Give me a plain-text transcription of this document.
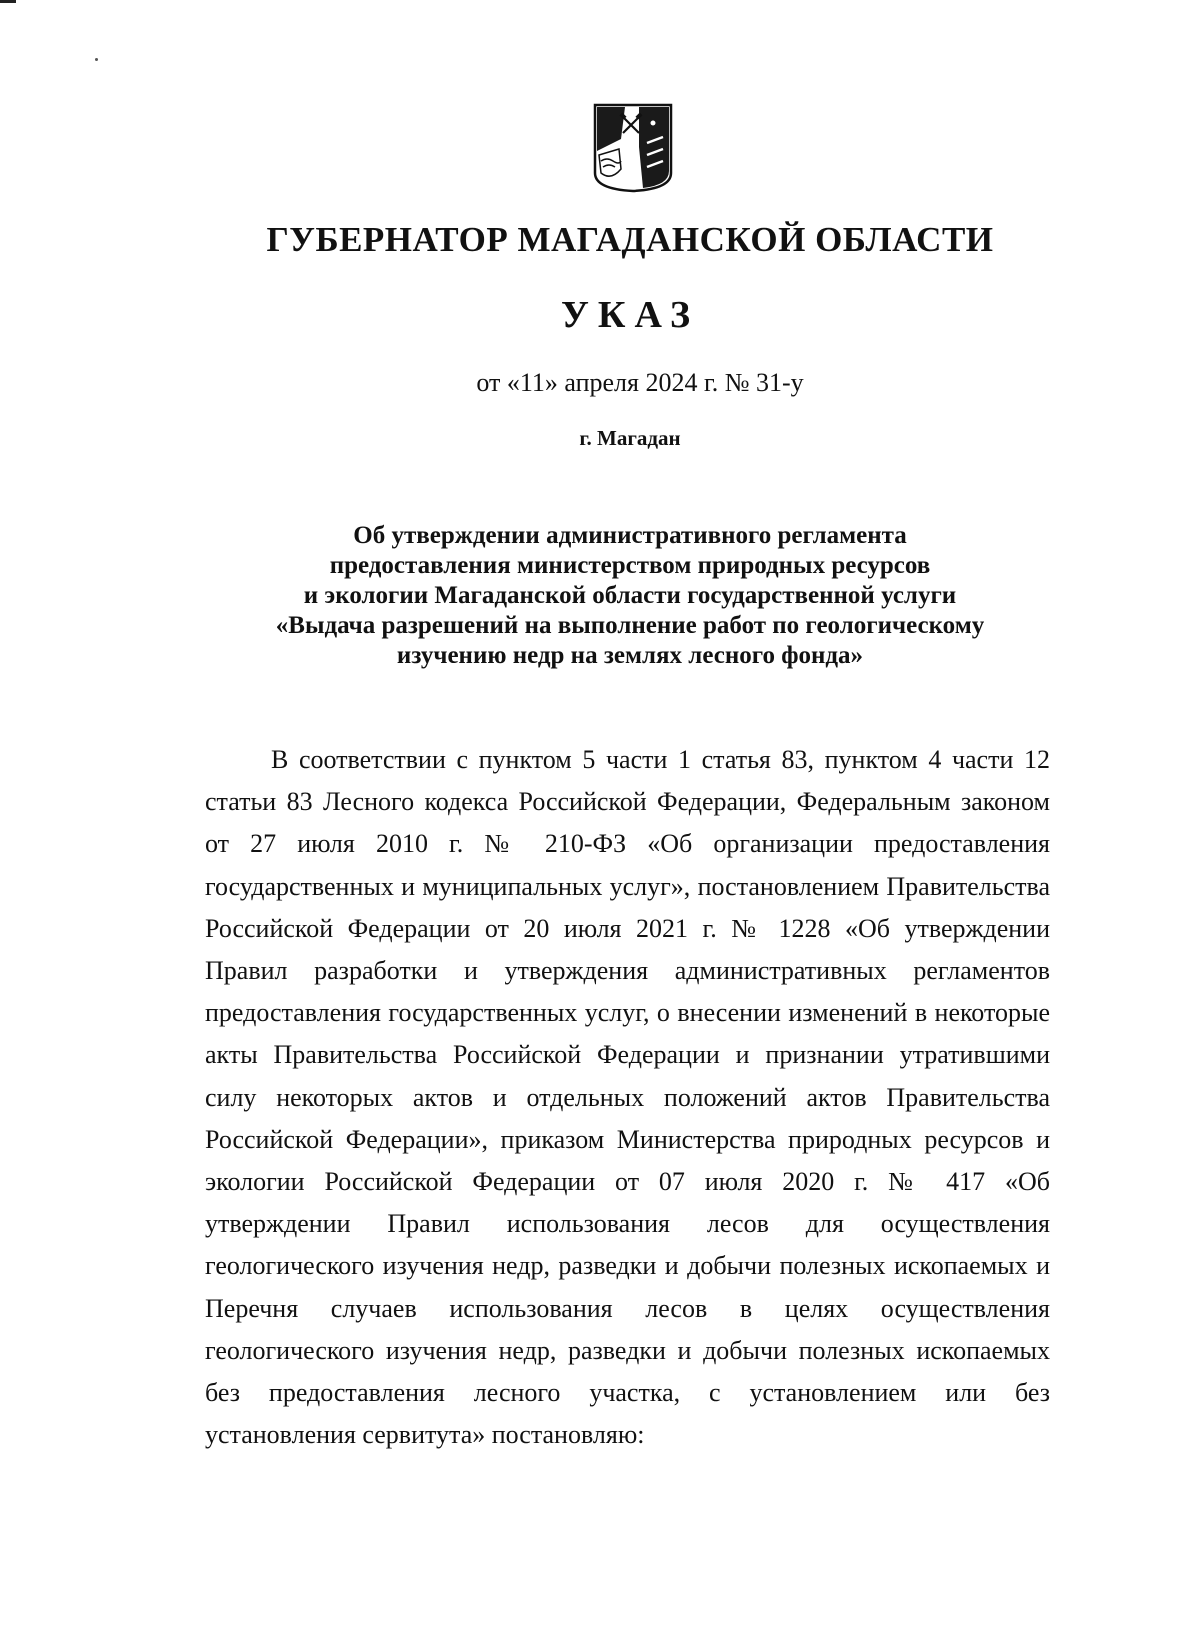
ГУБЕРНАТОР МАГАДАНСКОЙ ОБЛАСТИ
УКАЗ
от «11» апреля 2024 г. № 31-у
г. Магадан
Об утверждении административного регламента
предоставления министерством природных ресурсов
и экологии Магаданской области государственной услуги
«Выдача разрешений на выполнение работ по геологическому
изучению недр на землях лесного фонда»

В соответствии с пунктом 5 части 1 статья 83, пунктом 4 части 12 статьи 83 Лесного кодекса Российской Федерации, Федеральным законом от 27 июля 2010 г. № 210-ФЗ «Об организации предоставления государственных и муниципальных услуг», постановлением Правительства Российской Федерации от 20 июля 2021 г. № 1228 «Об утверждении Правил разработки и утверждения административных регламентов предоставления государственных услуг, о внесении изменений в некоторые акты Правительства Российской Федерации и признании утратившими силу некоторых актов и отдельных положений актов Правительства Российской Федерации», приказом Министерства природных ресурсов и экологии Российской Федерации от 07 июля 2020 г. № 417 «Об утверждении Правил использования лесов для осуществления геологического изучения недр, разведки и добычи полезных ископаемых и Перечня случаев использования лесов в целях осуществления геологического изучения недр, разведки и добычи полезных ископаемых без предоставления лесного участка, с установлением или без установления сервитута» постановляю:
